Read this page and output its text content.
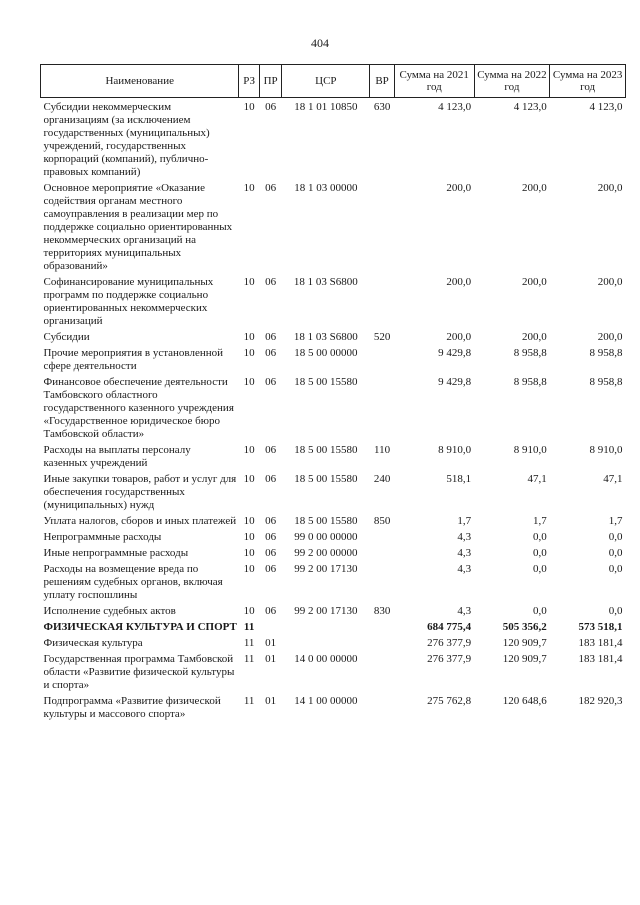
404
Наименование	РЗ	ПР	ЦСР	ВР	Сумма на 2021 год	Сумма на 2022 год	Сумма на 2023 год
Субсидии некоммерческим организациям (за исключением государственных (муниципальных) учреждений, государственных корпораций (компаний), публично-правовых компаний)	10	06	18 1 01 10850	630	4 123,0	4 123,0	4 123,0
Основное мероприятие «Оказание содействия органам местного самоуправления в реализации мер по поддержке социально ориентированных некоммерческих организаций на территориях муниципальных образований»	10	06	18 1 03 00000		200,0	200,0	200,0
Софинансирование муниципальных программ по поддержке социально ориентированных некоммерческих организаций	10	06	18 1 03 S6800		200,0	200,0	200,0
Субсидии	10	06	18 1 03 S6800	520	200,0	200,0	200,0
Прочие мероприятия в установленной сфере деятельности	10	06	18 5 00 00000		9 429,8	8 958,8	8 958,8
Финансовое обеспечение деятельности Тамбовского областного государственного казенного учреждения «Государственное юридическое бюро Тамбовской области»	10	06	18 5 00 15580		9 429,8	8 958,8	8 958,8
Расходы на выплаты персоналу казенных учреждений	10	06	18 5 00 15580	110	8 910,0	8 910,0	8 910,0
Иные закупки товаров, работ и услуг для обеспечения государственных (муниципальных) нужд	10	06	18 5 00 15580	240	518,1	47,1	47,1
Уплата налогов, сборов и иных платежей	10	06	18 5 00 15580	850	1,7	1,7	1,7
Непрограммные расходы	10	06	99 0 00 00000		4,3	0,0	0,0
Иные непрограммные расходы	10	06	99 2 00 00000		4,3	0,0	0,0
Расходы на возмещение вреда по решениям судебных органов, включая уплату госпошлины	10	06	99 2 00 17130		4,3	0,0	0,0
Исполнение судебных актов	10	06	99 2 00 17130	830	4,3	0,0	0,0
ФИЗИЧЕСКАЯ КУЛЬТУРА И СПОРТ	11				684 775,4	505 356,2	573 518,1
Физическая культура	11	01			276 377,9	120 909,7	183 181,4
Государственная программа Тамбовской области «Развитие физической культуры и спорта»	11	01	14 0 00 00000		276 377,9	120 909,7	183 181,4
Подпрограмма «Развитие физической культуры и массового спорта»	11	01	14 1 00 00000		275 762,8	120 648,6	182 920,3
